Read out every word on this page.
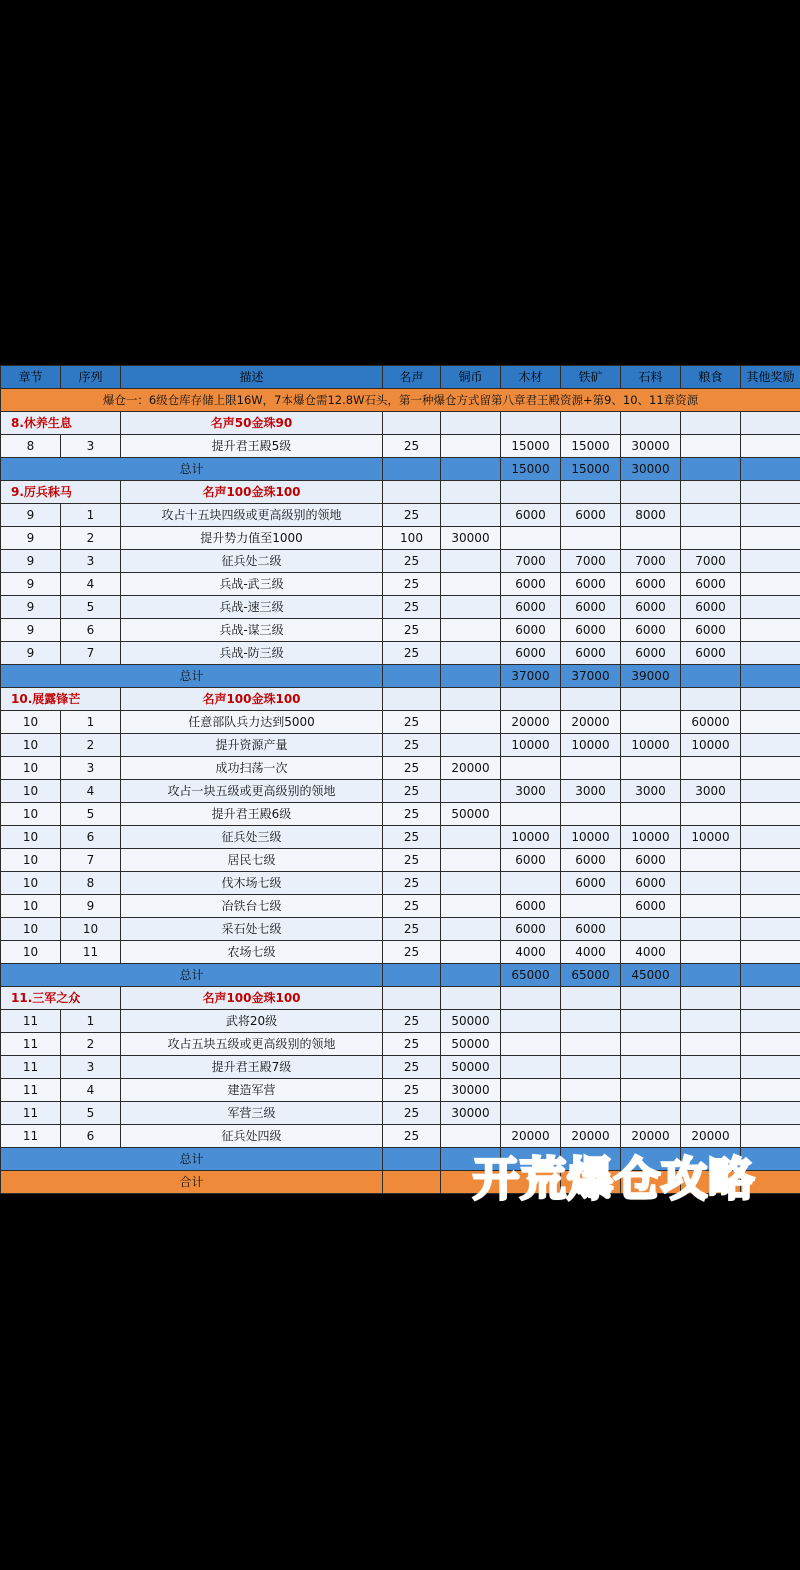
章节	序列	描述	名声	铜币	木材	铁矿	石料	粮食	其他奖励
爆仓一：6级仓库存储上限16W，7本爆仓需12.8W石头，第一种爆仓方式留第八章君王殿资源+第9、10、11章资源									
8.休养生息		名声50金珠90							
8	3	提升君王殿5级	25		15000	15000	30000		
总计					15000	15000	30000		
9.厉兵秣马		名声100金珠100							
9	1	攻占十五块四级或更高级别的领地	25		6000	6000	8000		
9	2	提升势力值至1000	100	30000					
9	3	征兵处二级	25		7000	7000	7000	7000	
9	4	兵战-武三级	25		6000	6000	6000	6000	
9	5	兵战-速三级	25		6000	6000	6000	6000	
9	6	兵战-谋三级	25		6000	6000	6000	6000	
9	7	兵战-防三级	25		6000	6000	6000	6000	
总计					37000	37000	39000		
10.展露锋芒		名声100金珠100							
10	1	任意部队兵力达到5000	25		20000	20000		60000	
10	2	提升资源产量	25		10000	10000	10000	10000	
10	3	成功扫荡一次	25	20000					
10	4	攻占一块五级或更高级别的领地	25		3000	3000	3000	3000	
10	5	提升君王殿6级	25	50000					
10	6	征兵处三级	25		10000	10000	10000	10000	
10	7	居民七级	25		6000	6000	6000		
10	8	伐木场七级	25			6000	6000		
10	9	冶铁台七级	25		6000		6000		
10	10	采石处七级	25		6000	6000			
10	11	农场七级	25		4000	4000	4000		
总计					65000	65000	45000		
11.三军之众		名声100金珠100							
11	1	武将20级	25	50000					
11	2	攻占五块五级或更高级别的领地	25	50000					
11	3	提升君王殿7级	25	50000					
11	4	建造军营	25	30000					
11	5	军营三级	25	30000					
11	6	征兵处四级	25		20000	20000	20000	20000	
总计									
合计										开荒爆仓攻略
